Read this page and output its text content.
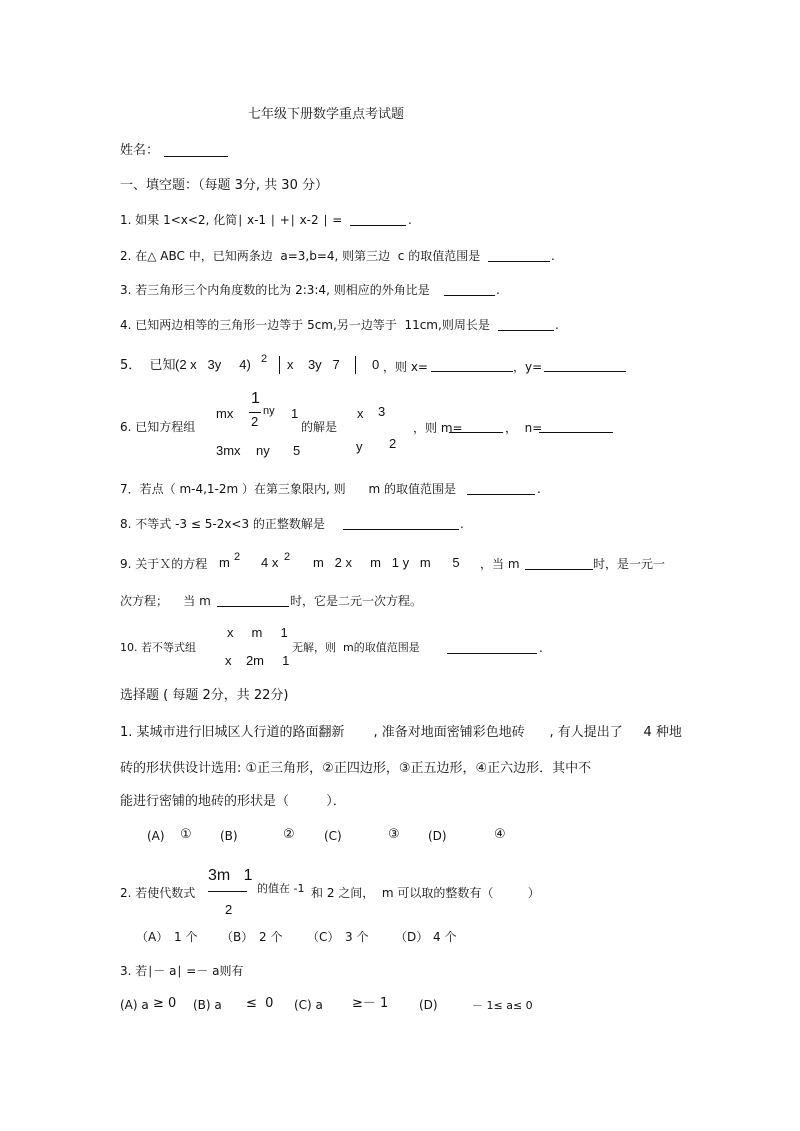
七年级下册数学重点考试题
姓名：
一、填空题：（每题 3分, 共 30 分）
1. 如果 1<x<2, 化简∣ x-1 ∣ +∣ x-2 ∣ =	.
2. 在△ ABC 中，已知两条边  a=3,b=4, 则第三边  c 的取值范围是	.
3. 若三角形三个内角度数的比为 2:3:4, 则相应的外角比是	.
4. 已知两边相等的三角形一边等于 5cm,另一边等于  11cm,则周长是	.
5．  已知 (2 x   3y     4) 2 x    3y   7 0 ，则 x=	，y=
6. 已知方程组
mx
1
2
ny 1
3mx ny 5
的解是
x 3
y 2
，则 m=	，  n=
7．若点（ m-4,1-2m ）在第三象限内, 则      m 的取值范围是	.
8. 不等式 -3 ≤ 5-2x<3 的正整数解是	.
9. 关于Ｘ的方程 m 2 4 x 2 m   2 x     m   1 y   m      5 ，当 m	时，是一元一
次方程；    当 m	时，它是二元一次方程。
10. 若不等式组
x     m     1
x    2m     1
无解，则  m的取值范围是	.
选择题 ( 每题 2分，共 22分)
1. 某城市进行旧城区人行道的路面翻新       , 准备对地面密铺彩色地砖      , 有人提出了     4 种地
砖的形状供设计选用: ①正三角形，②正四边形，③正五边形，④正六边形．其中不
能进行密铺的地砖的形状是（         ）．
(A) ① (B)	② (C)	③ (D)	④
2. 若使代数式
3m   1
2
的值在 -1 和 2 之间，  m 可以取的整数有（         ）
（A） 1 个 （B） 2 个 （C） 3 个 （D） 4 个
3. 若∣－ a∣ =－ a则有
(A) a ≥ 0 (B) a ≤  0 (C) a ≥－ 1	(D)	－ 1≤ a≤ 0
